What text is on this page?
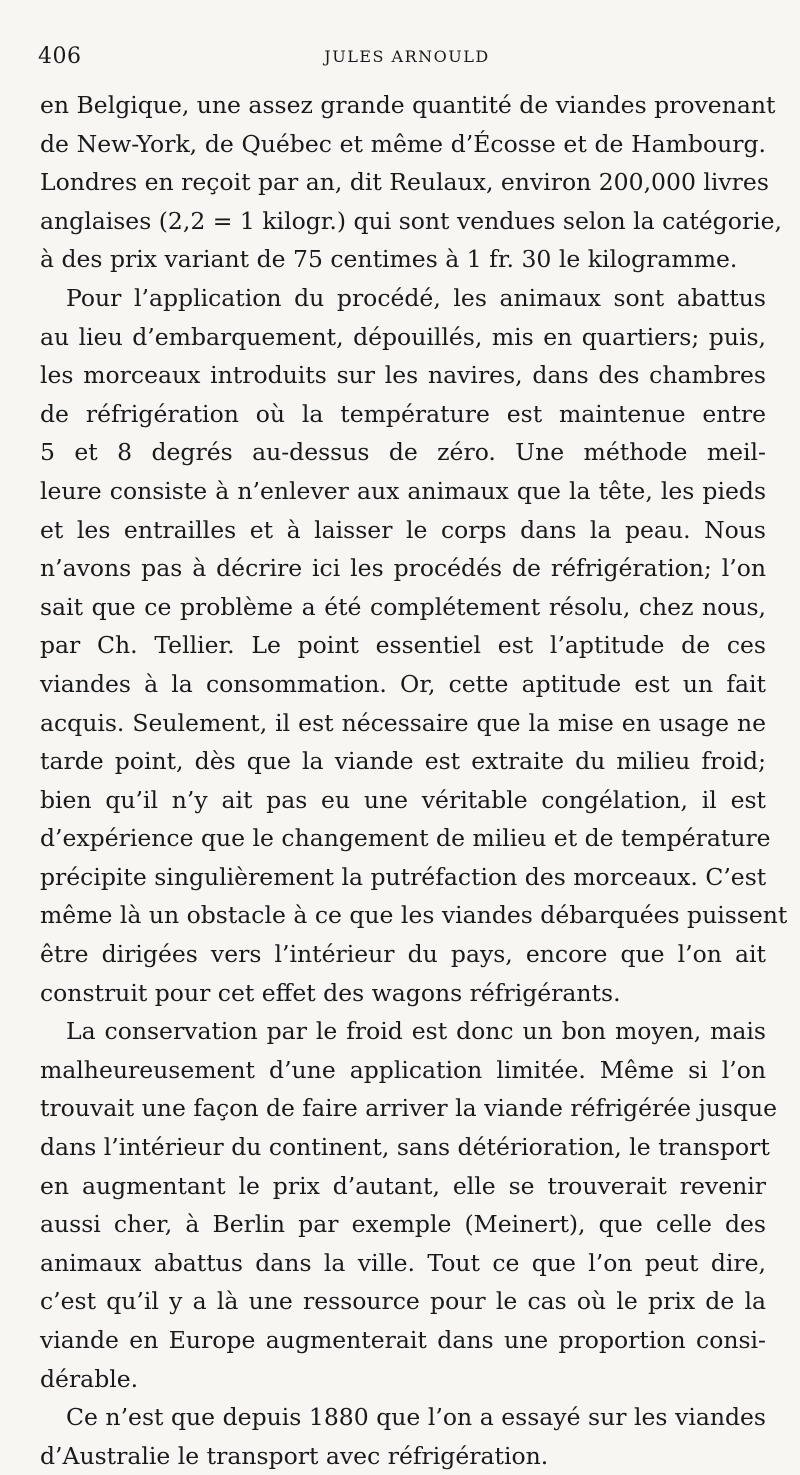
406	JULES ARNOULD
en Belgique, une assez grande quantité de viandes provenant
de New-York, de Québec et même d’Écosse et de Hambourg.
Londres en reçoit par an, dit Reulaux, environ 200,000 livres
anglaises (2,2 = 1 kilogr.) qui sont vendues selon la catégorie,
à des prix variant de 75 centimes à 1 fr. 30 le kilogramme.
Pour l’application du procédé, les animaux sont abattus
au lieu d’embarquement, dépouillés, mis en quartiers; puis,
les morceaux introduits sur les navires, dans des chambres
de réfrigération où la température est maintenue entre
5 et 8 degrés au-dessus de zéro. Une méthode meil-
leure consiste à n’enlever aux animaux que la tête, les pieds
et les entrailles et à laisser le corps dans la peau. Nous
n’avons pas à décrire ici les procédés de réfrigération; l’on
sait que ce problème a été complétement résolu, chez nous,
par Ch. Tellier. Le point essentiel est l’aptitude de ces
viandes à la consommation. Or, cette aptitude est un fait
acquis. Seulement, il est nécessaire que la mise en usage ne
tarde point, dès que la viande est extraite du milieu froid;
bien qu’il n’y ait pas eu une véritable congélation, il est
d’expérience que le changement de milieu et de température
précipite singulièrement la putréfaction des morceaux. C’est
même là un obstacle à ce que les viandes débarquées puissent
être dirigées vers l’intérieur du pays, encore que l’on ait
construit pour cet effet des wagons réfrigérants.
La conservation par le froid est donc un bon moyen, mais
malheureusement d’une application limitée. Même si l’on
trouvait une façon de faire arriver la viande réfrigérée jusque
dans l’intérieur du continent, sans détérioration, le transport
en augmentant le prix d’autant, elle se trouverait revenir
aussi cher, à Berlin par exemple (Meinert), que celle des
animaux abattus dans la ville. Tout ce que l’on peut dire,
c’est qu’il y a là une ressource pour le cas où le prix de la
viande en Europe augmenterait dans une proportion consi-
dérable.
Ce n’est que depuis 1880 que l’on a essayé sur les viandes
d’Australie le transport avec réfrigération.
